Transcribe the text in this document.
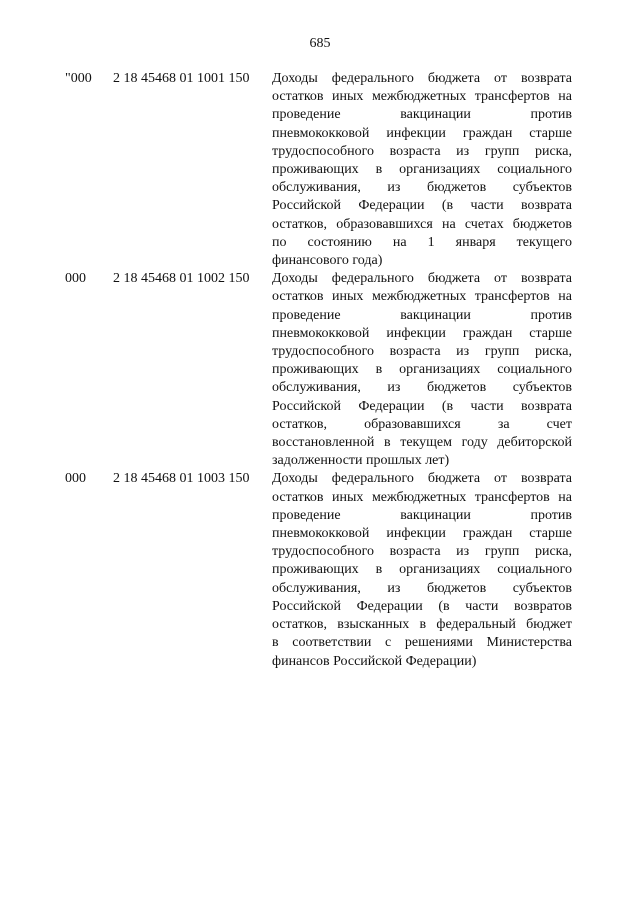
685
"000 2 18 45468 01 1001 150 Доходы федерального бюджета от возврата
остатков иных межбюджетных трансфертов на
проведение вакцинации против
пневмококковой инфекции граждан старше
трудоспособного возраста из групп риска,
проживающих в организациях социального
обслуживания, из бюджетов субъектов
Российской Федерации (в части возврата
остатков, образовавшихся на счетах бюджетов
по состоянию на 1 января текущего
финансового года)
000 2 18 45468 01 1002 150 Доходы федерального бюджета от возврата
остатков иных межбюджетных трансфертов на
проведение вакцинации против
пневмококковой инфекции граждан старше
трудоспособного возраста из групп риска,
проживающих в организациях социального
обслуживания, из бюджетов субъектов
Российской Федерации (в части возврата
остатков, образовавшихся за счет
восстановленной в текущем году дебиторской
задолженности прошлых лет)
000 2 18 45468 01 1003 150 Доходы федерального бюджета от возврата
остатков иных межбюджетных трансфертов на
проведение вакцинации против
пневмококковой инфекции граждан старше
трудоспособного возраста из групп риска,
проживающих в организациях социального
обслуживания, из бюджетов субъектов
Российской Федерации (в части возвратов
остатков, взысканных в федеральный бюджет
в соответствии с решениями Министерства
финансов Российской Федерации)
